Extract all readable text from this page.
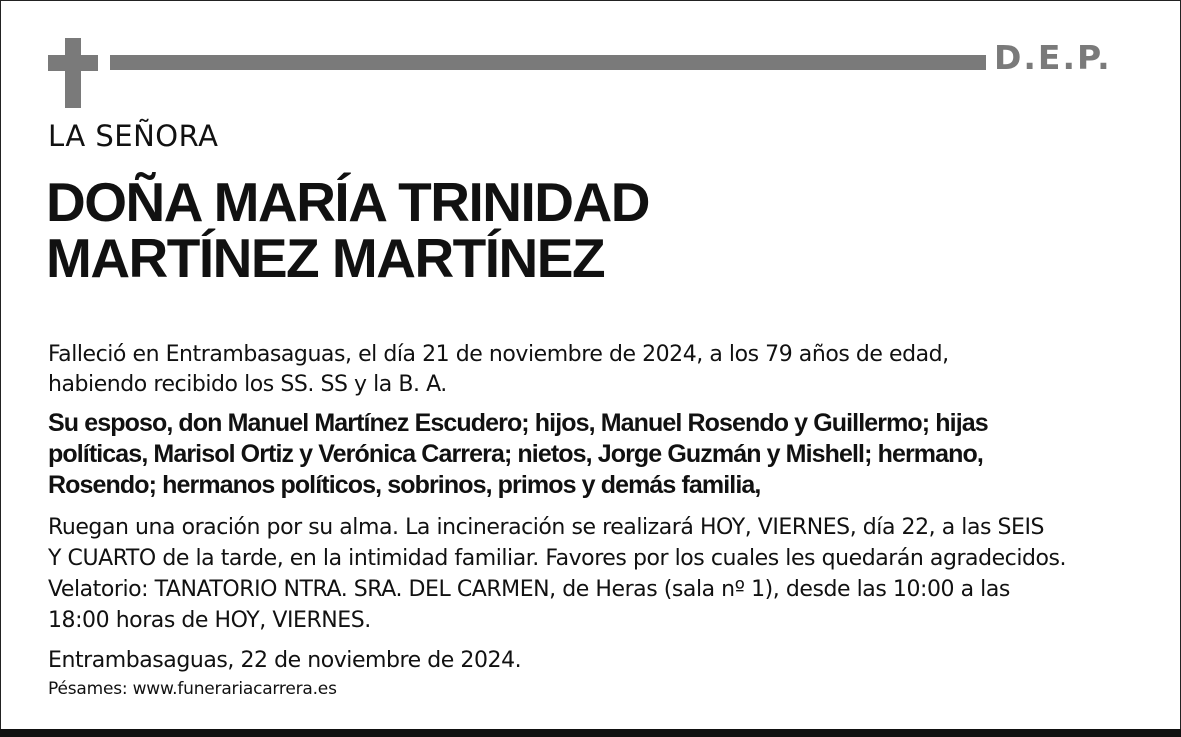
D.E.P.
LA SEÑORA
DOÑA MARÍA TRINIDAD
MARTÍNEZ MARTÍNEZ

Falleció en Entrambasaguas, el día 21 de noviembre de 2024, a los 79 años de edad,
habiendo recibido los SS. SS y la B. A.

Su esposo, don Manuel Martínez Escudero; hijos, Manuel Rosendo y Guillermo; hijas
políticas, Marisol Ortiz y Verónica Carrera; nietos, Jorge Guzmán y Mishell; hermano,
Rosendo; hermanos políticos, sobrinos, primos y demás familia,

Ruegan una oración por su alma. La incineración se realizará HOY, VIERNES, día 22, a las SEIS
Y CUARTO de la tarde, en la intimidad familiar. Favores por los cuales les quedarán agradecidos.
Velatorio: TANATORIO NTRA. SRA. DEL CARMEN, de Heras (sala nº 1), desde las 10:00 a las
18:00 horas de HOY, VIERNES.

Entrambasaguas, 22 de noviembre de 2024.

Pésames: www.funerariacarrera.es
